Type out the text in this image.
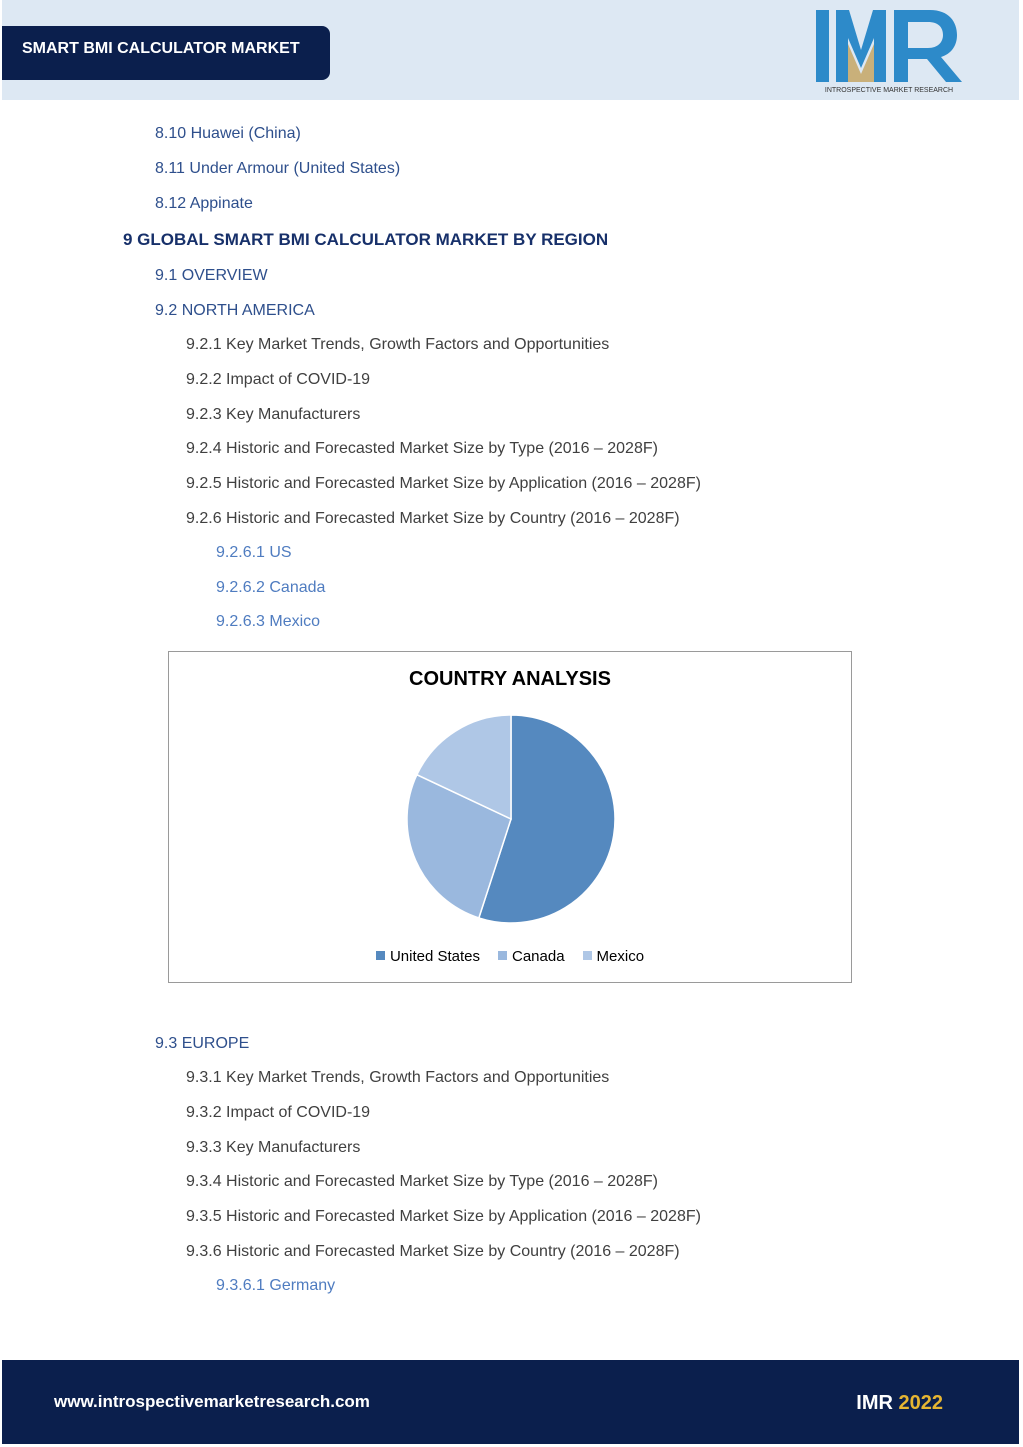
SMART BMI CALCULATOR MARKET
INTROSPECTIVE MARKET RESEARCH
8.10 Huawei (China)
8.11 Under Armour (United States)
8.12 Appinate
9 GLOBAL SMART BMI CALCULATOR MARKET BY REGION
9.1 OVERVIEW
9.2 NORTH AMERICA
9.2.1 Key Market Trends, Growth Factors and Opportunities
9.2.2 Impact of COVID-19
9.2.3 Key Manufacturers
9.2.4 Historic and Forecasted Market Size by Type (2016 – 2028F)
9.2.5 Historic and Forecasted Market Size by Application (2016 – 2028F)
9.2.6 Historic and Forecasted Market Size by Country (2016 – 2028F)
9.2.6.1 US
9.2.6.2 Canada
9.2.6.3 Mexico
9.3 EUROPE
9.3.1 Key Market Trends, Growth Factors and Opportunities
9.3.2 Impact of COVID-19
9.3.3 Key Manufacturers
9.3.4 Historic and Forecasted Market Size by Type (2016 – 2028F)
9.3.5 Historic and Forecasted Market Size by Application (2016 – 2028F)
9.3.6 Historic and Forecasted Market Size by Country (2016 – 2028F)
9.3.6.1 Germany
COUNTRY ANALYSIS
United States Canada Mexico
www.introspectivemarketresearch.com	IMR 2022
